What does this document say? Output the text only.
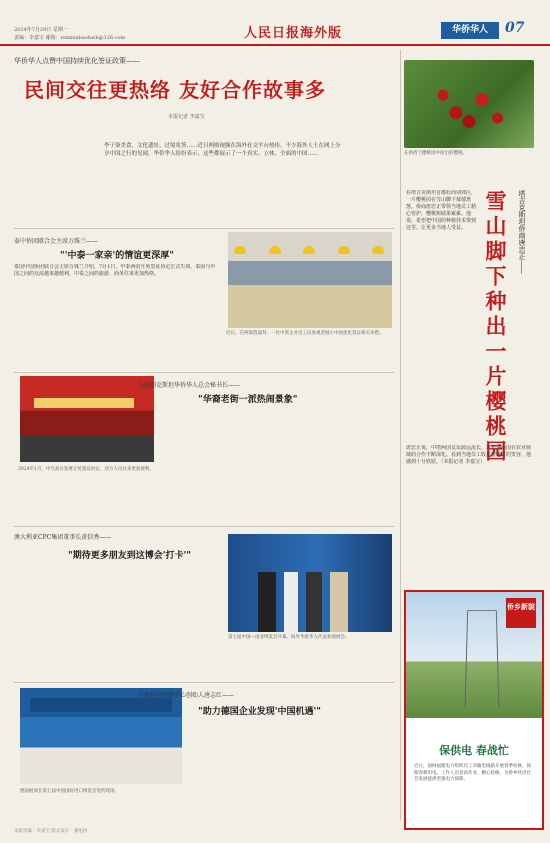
2024年7月29日 星期一
责编：李嘉宝 邮箱：renminbaohwb@126.com	人民日报海外版	华侨华人	07
华侨华人点赞中国持续优化签证政策——
民间交往更热络 友好合作故事多
本报记者 李嘉宝
李子柒美食、文化遗址、过境免签……近日两则视频在海外社交平台热传。不少海外人士在网上分享中国之行的见闻，华侨华人纷纷表示，这些都展示了一个真实、立体、全面的中国……
泰中侨团联合会主席万姝兰——
"'中泰一家亲'的情谊更深厚"
泰国中国侨团联合会主席万姝兰介绍，7月1日，中泰两国互免签证协定正式生效，泰国与中国之间的交流越来越便利，中泰之间的旅游、商务往来更加热络。
近日，在阿联酋迪拜，一位中资企业员工向参观者展示中国优化签证相关举措。
2024年1月，中乌双方签署互免签证协定，双方人员往来更加便利。
乌兹别克斯坦华侨华人总会秘书长——
"华裔老街一派热闹景象"
澳大利亚CPC集团董事长黄信秀——
"期待更多朋友到这博会'打卡'"
第七届中国—南亚博览会开幕，海外华侨华人代表参观展会。
德国展商在第七届中国国际进口博览会签约现场。
中德科技创新中心创始人唐志红——
"助力德国企业发现'中国机遇'"
在新西兰樱桃园中结出的樱桃。
塔吉克斯坦侨商唐忠正——
雪山脚下种出一片樱桃园
在塔吉克斯坦首都杜尚别郊区，一片樱桃园在雪山脚下郁郁葱葱。侨商唐忠正带领当地员工精心管护，樱桃树硕果累累。他说，希望把中国的种植技术带到这里，让更多当地人受益。
唐忠正说，中塔两国友谊源远流长，近年来两国在农业领域的合作不断深化。看到当地员工收获樱桃时的笑容，他感到十分欣慰。（本报记者 李嘉宝）
侨乡新貌
保供电 春战忙
近日，国网福建电力组织员工对输电线路开展春季检修，保障春耕用电。工作人员登高作业、精心检修，为侨乡经济社会发展提供坚强电力保障。
本版责编：李嘉宝 版式设计：潘旭涛
